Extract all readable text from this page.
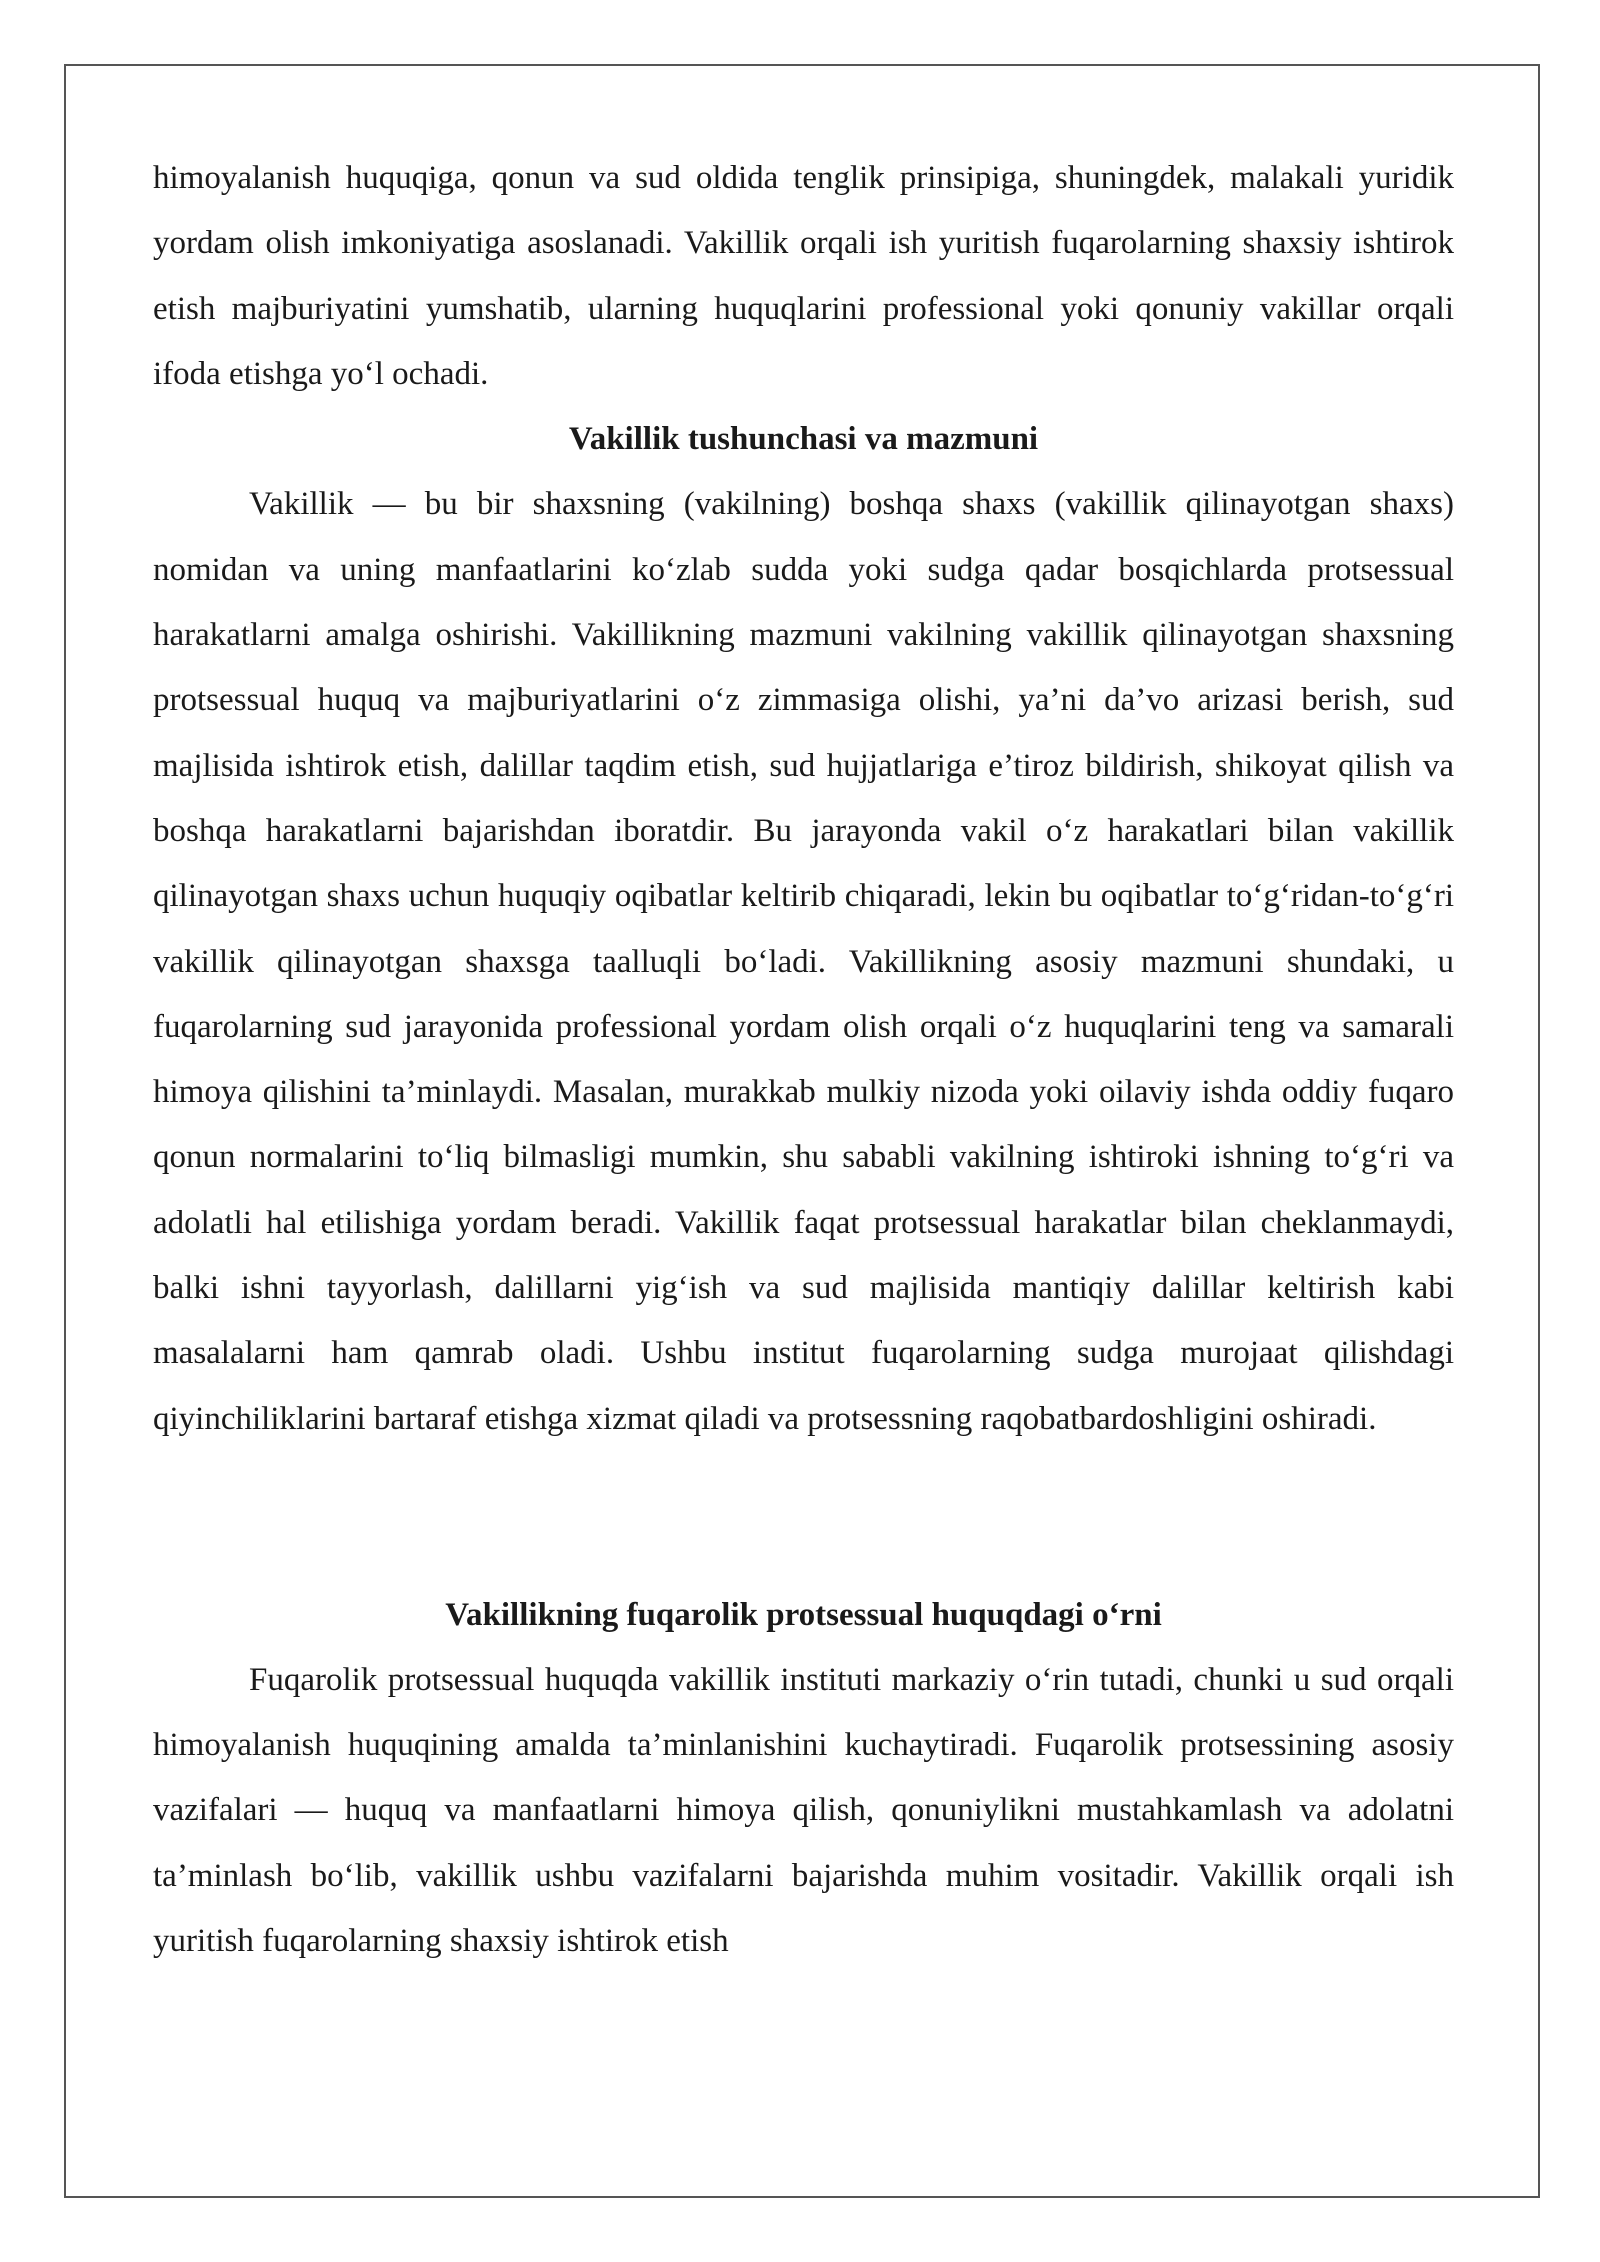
himoyalanish huquqiga, qonun va sud oldida tenglik prinsipiga, shuningdek, malakali yuridik yordam olish imkoniyatiga asoslanadi. Vakillik orqali ish yuritish fuqarolarning shaxsiy ishtirok etish majburiyatini yumshatib, ularning huquqlarini professional yoki qonuniy vakillar orqali ifoda etishga yo‘l ochadi.

Vakillik tushunchasi va mazmuni

Vakillik — bu bir shaxsning (vakilning) boshqa shaxs (vakillik qilinayotgan shaxs) nomidan va uning manfaatlarini ko‘zlab sudda yoki sudga qadar bosqichlarda protsessual harakatlarni amalga oshirishi. Vakillikning mazmuni vakilning vakillik qilinayotgan shaxsning protsessual huquq va majburiyatlarini o‘z zimmasiga olishi, ya’ni da’vo arizasi berish, sud majlisida ishtirok etish, dalillar taqdim etish, sud hujjatlariga e’tiroz bildirish, shikoyat qilish va boshqa harakatlarni bajarishdan iboratdir. Bu jarayonda vakil o‘z harakatlari bilan vakillik qilinayotgan shaxs uchun huquqiy oqibatlar keltirib chiqaradi, lekin bu oqibatlar to‘g‘ridan-to‘g‘ri vakillik qilinayotgan shaxsga taalluqli bo‘ladi. Vakillikning asosiy mazmuni shundaki, u fuqarolarning sud jarayonida professional yordam olish orqali o‘z huquqlarini teng va samarali himoya qilishini ta’minlaydi. Masalan, murakkab mulkiy nizoda yoki oilaviy ishda oddiy fuqaro qonun normalarini to‘liq bilmasligi mumkin, shu sababli vakilning ishtiroki ishning to‘g‘ri va adolatli hal etilishiga yordam beradi. Vakillik faqat protsessual harakatlar bilan cheklanmaydi, balki ishni tayyorlash, dalillarni yig‘ish va sud majlisida mantiqiy dalillar keltirish kabi masalalarni ham qamrab oladi. Ushbu institut fuqarolarning sudga murojaat qilishdagi qiyinchiliklarini bartaraf etishga xizmat qiladi va protsessning raqobatbardoshligini oshiradi.

Vakillikning fuqarolik protsessual huquqdagi o‘rni

Fuqarolik protsessual huquqda vakillik instituti markaziy o‘rin tutadi, chunki u sud orqali himoyalanish huquqining amalda ta’minlanishini kuchaytiradi. Fuqarolik protsessining asosiy vazifalari — huquq va manfaatlarni himoya qilish, qonuniylikni mustahkamlash va adolatni ta’minlash bo‘lib, vakillik ushbu vazifalarni bajarishda muhim vositadir. Vakillik orqali ish yuritish fuqarolarning shaxsiy ishtirok etish
